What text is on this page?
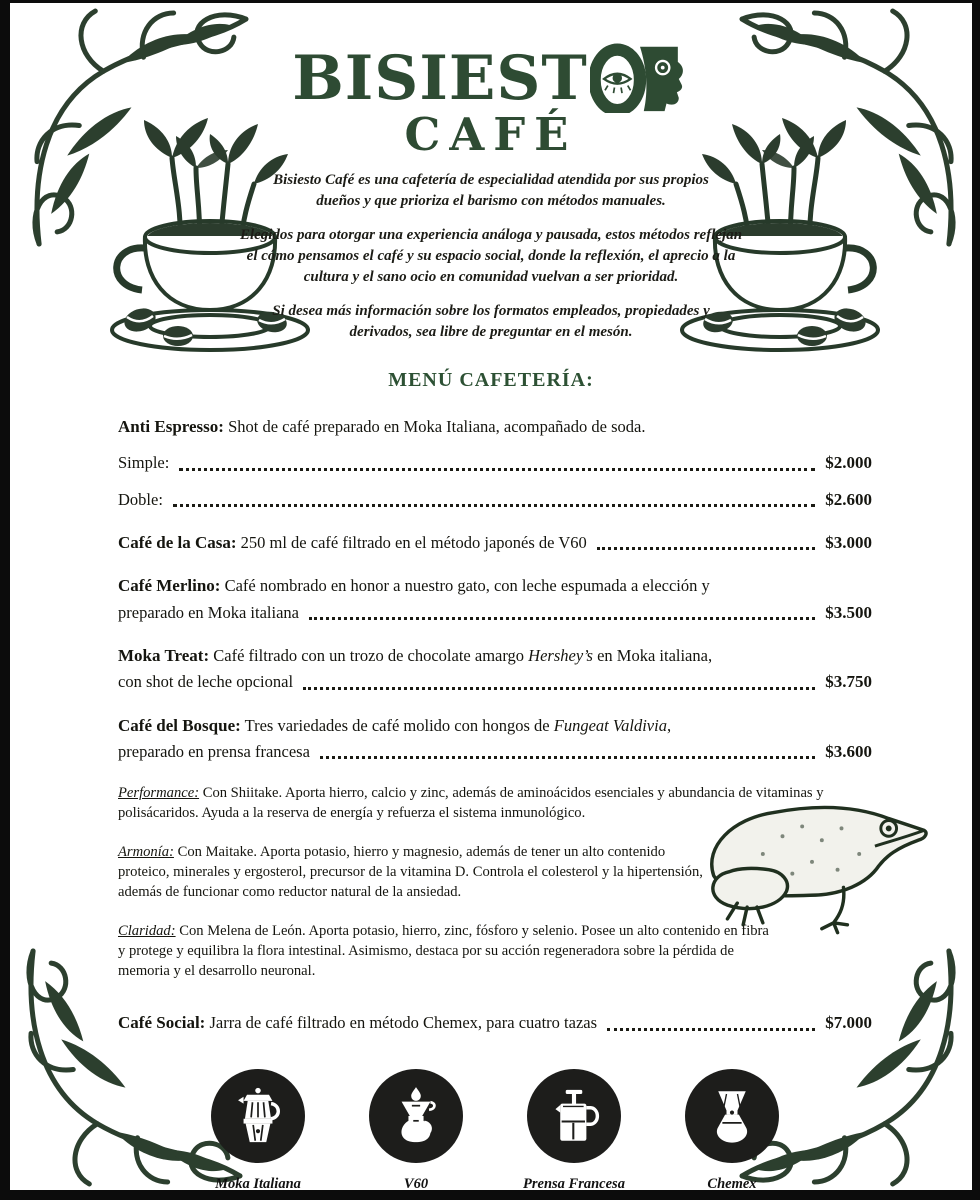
BISIEST
CAFÉ

Bisiesto Café es una cafetería de especialidad atendida por sus propios dueños y que prioriza el barismo con métodos manuales.

Elegidos para otorgar una experiencia análoga y pausada, estos métodos reflejan el cómo pensamos el café y su espacio social, donde la reflexión, el aprecio a la cultura y el sano ocio en comunidad vuelvan a ser prioridad.

Si desea más información sobre los formatos empleados, propiedades y derivados, sea libre de preguntar en el mesón.

MENÚ CAFETERÍA:
Anti Espresso: Shot de café preparado en Moka Italiana, acompañado de soda.
Simple:	$2.000
Doble:	$2.600
Café de la Casa: 250 ml de café filtrado en el método japonés de V60	$3.000
Café Merlino: Café nombrado en honor a nuestro gato, con leche espumada a elección y
preparado en Moka italiana	$3.500
Moka Treat: Café filtrado con un trozo de chocolate amargo Hershey’s en Moka italiana,
con shot de leche opcional	$3.750
Café del Bosque: Tres variedades de café molido con hongos de Fungeat Valdivia,
preparado en prensa francesa	$3.600

Performance: Con Shiitake. Aporta hierro, calcio y zinc, además de aminoácidos esenciales y abundancia de vitaminas y polisácaridos. Ayuda a la reserva de energía y refuerza el sistema inmunológico.

Armonía: Con Maitake. Aporta potasio, hierro y magnesio, además de tener un alto contenido proteico, minerales y ergosterol, precursor de la vitamina D. Controla el colesterol y la hipertensión, además de funcionar como reductor natural de la ansiedad.

Claridad: Con Melena de León. Aporta potasio, hierro, zinc, fósforo y selenio. Posee un alto contenido en fibra y protege y equilibra la flora intestinal. Asimismo, destaca por su acción regeneradora sobre la pérdida de memoria y el desarrollo neuronal.

Café Social: Jarra de café filtrado en método Chemex, para cuatro tazas	$7.000
Moka Italiana	V60	Prensa Francesa	Chemex
